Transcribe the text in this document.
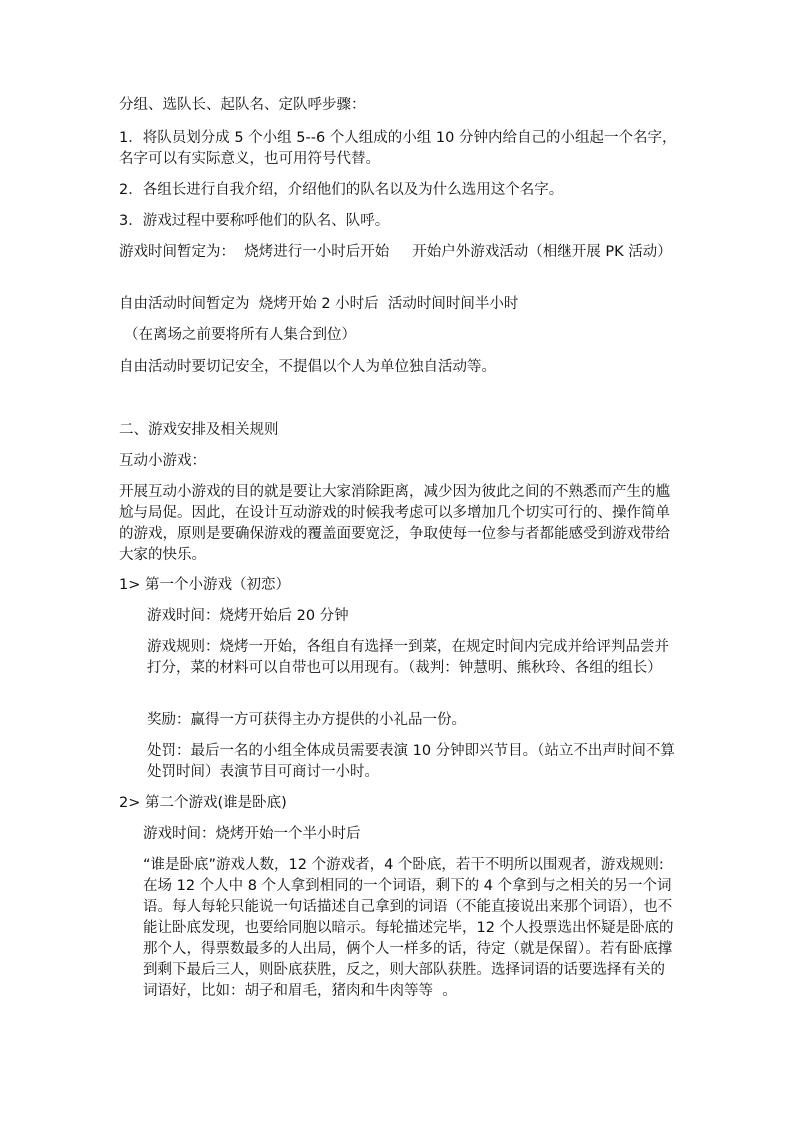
分组、选队长、起队名、定队呼步骤：

1．将队员划分成 5 个小组 5--6 个人组成的小组 10 分钟内给自己的小组起一个名字，名字可以有实际意义，也可用符号代替。

2．各组长进行自我介绍，介绍他们的队名以及为什么选用这个名字。

3．游戏过程中要称呼他们的队名、队呼。

游戏时间暂定为：  烧烤进行一小时后开始     开始户外游戏活动（相继开展 PK 活动）

自由活动时间暂定为  烧烤开始 2 小时后  活动时间时间半小时

（在离场之前要将所有人集合到位）

自由活动时要切记安全，不提倡以个人为单位独自活动等。

二、游戏安排及相关规则

互动小游戏：

开展互动小游戏的目的就是要让大家消除距离，减少因为彼此之间的不熟悉而产生的尴尬与局促。因此，在设计互动游戏的时候我考虑可以多增加几个切实可行的、操作简单的游戏，原则是要确保游戏的覆盖面要宽泛，争取使每一位参与者都能感受到游戏带给大家的快乐。

1> 第一个小游戏（初恋）

游戏时间：烧烤开始后 20 分钟

游戏规则：烧烤一开始，各组自有选择一到菜，在规定时间内完成并给评判品尝并打分，菜的材料可以自带也可以用现有。（裁判：钟慧明、熊秋玲、各组的组长）

奖励：赢得一方可获得主办方提供的小礼品一份。

处罚：最后一名的小组全体成员需要表演 10 分钟即兴节目。（站立不出声时间不算处罚时间）表演节目可商讨一小时。

2> 第二个游戏(谁是卧底)

游戏时间：烧烤开始一个半小时后

“谁是卧底”游戏人数，12 个游戏者，4 个卧底，若干不明所以围观者，游戏规则: 在场 12 个人中 8 个人拿到相同的一个词语，剩下的 4 个拿到与之相关的另一个词语。每人每轮只能说一句话描述自己拿到的词语（不能直接说出来那个词语），也不能让卧底发现，也要给同胞以暗示。每轮描述完毕，12 个人投票选出怀疑是卧底的那个人，得票数最多的人出局，俩个人一样多的话，待定（就是保留）。若有卧底撑到剩下最后三人，则卧底获胜，反之，则大部队获胜。选择词语的话要选择有关的词语好，比如：胡子和眉毛，猪肉和牛肉等等  。
